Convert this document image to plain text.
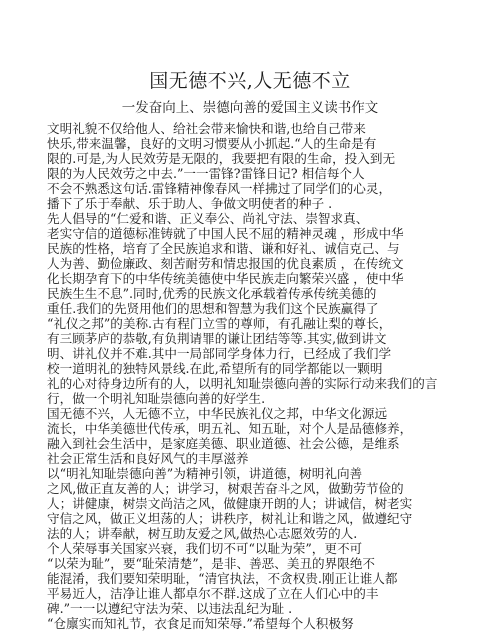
国无德不兴,人无德不立
一发奋向上、崇德向善的爱国主义读书作文
文明礼貌不仅给他人、给社会带来愉快和谐,也给自己带来
快乐,带来温馨，良好的文明习惯要从小抓起.“人的生命是有
限的.可是,为人民效劳是无限的，我要把有限的生命，投入到无
限的为人民效劳之中去.”一一雷锋?雷锋日记? 相信每个人
不会不熟悉这句话.雷锋精神像春风一样拂过了同学们的心灵，
播下了乐于奉献、乐于助人、争做文明使者的种子 .
先人倡导的“仁爱和谐、正义奉公、尚礼守法、崇智求真、
老实守信的道德标准铸就了中国人民不屈的精神灵魂 ，形成中华
民族的性格，培育了全民族追求和谐、谦和好礼、诚信克己、与
人为善、勤俭廉政、刻苦耐劳和情忠报国的优良素质 ，在传统文
化长期孕育下的中华传统美德使中华民族走向繁荣兴盛 ，使中华
民族生生不息”.同时,优秀的民族文化承载着传承传统美德的
重任.我们的先贤用他们的思想和智慧为我们这个民族赢得了
“礼仪之邦”的美称.古有程门立雪的尊师，有孔融让梨的尊长，
有三顾茅庐的恭敬,有负荆请罪的谦让团结等等.其实,做到讲文
明、讲礼仪并不难.其中一局部同学身体力行，已经成了我们学
校一道明礼的独特风景线.在此,希望所有的同学都能以一颗明
礼的心对待身边所有的人，以明礼知耻崇德向善的实际行动来我们的言
行，做一个明礼知耻崇德向善的好学生.
国无德不兴，人无德不立，中华民族礼仪之邦，中华文化源远
流长，中华美德世代传承，明五礼、知五耻，对个人是品德修养，
融入到社会生活中，是家庭美德、职业道德、社会公德，是维系
社会正常生活和良好风气的丰厚滋养
以“明礼知耻崇德向善”为精神引领，讲道德，树明礼向善
之风,做正直友善的人；讲学习，树艰苦奋斗之风，做勤劳节俭的
人；讲健康，树崇文尚洁之风，做健康开朗的人；讲诚信，树老实
守信之风，做正义坦荡的人；讲秩序，树礼让和谐之风，做遵纪守
法的人；讲奉献，树互助友爱之风,做热心志愿效劳的人.
个人荣辱事关国家兴衰，我们切不可“以耻为荣”，更不可
“以荣为耻”，要“耻荣清楚”，是非、善恶、美丑的界限绝不
能混淆，我们要知荣明耻，“清官执法，不贪权贵.刚正让谁人都
平易近人，洁净让谁人都卓尔不群.这成了立在人们心中的丰
碑.”一一以遵纪守法为荣、以违法乱纪为耻 .
“仓廪实而知礼节，衣食足而知荣辱.”希望每个人积极努
